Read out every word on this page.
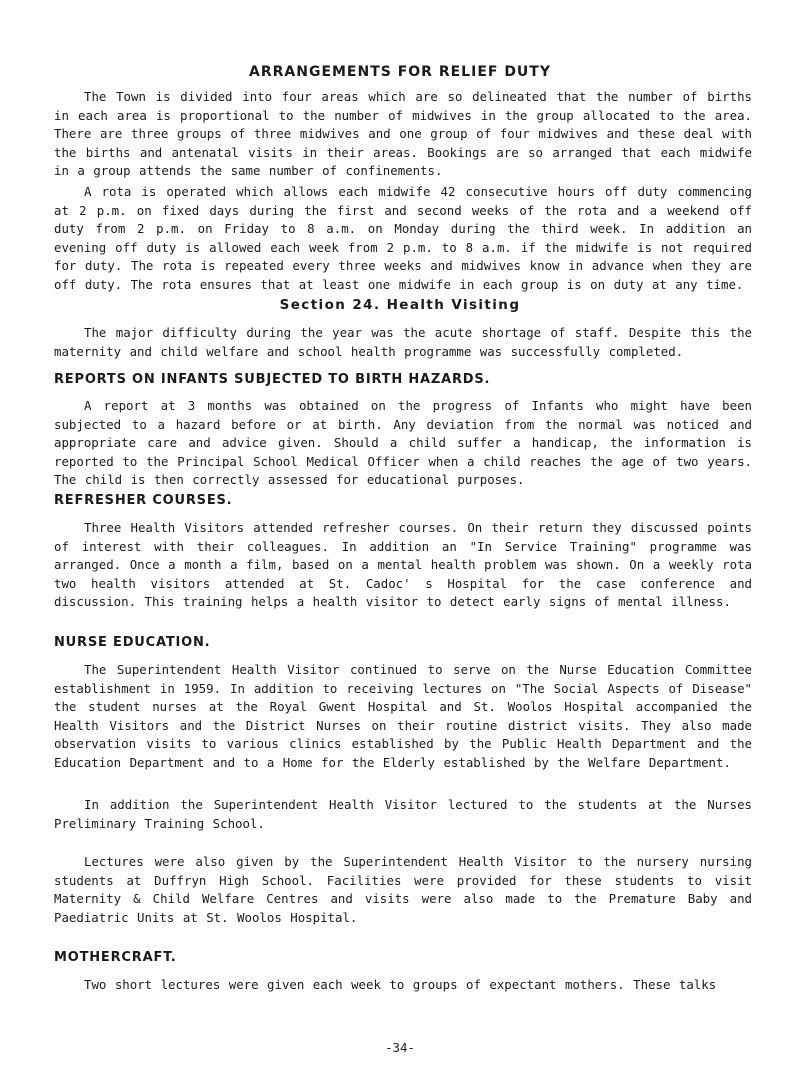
ARRANGEMENTS FOR RELIEF DUTY

The Town is divided into four areas which are so delineated that the number of births in each area is proportional to the number of midwives in the group allocated to the area. There are three groups of three midwives and one group of four midwives and these deal with the births and antenatal visits in their areas. Bookings are so arranged that each midwife in a group attends the same number of confinements.

A rota is operated which allows each midwife 42 consecutive hours off duty commencing at 2 p.m. on fixed days during the first and second weeks of the rota and a weekend off duty from 2 p.m. on Friday to 8 a.m. on Monday during the third week. In addition an evening off duty is allowed each week from 2 p.m. to 8 a.m. if the midwife is not required for duty. The rota is repeated every three weeks and midwives know in advance when they are off duty. The rota ensures that at least one midwife in each group is on duty at any time.

Section 24. Health Visiting

The major difficulty during the year was the acute shortage of staff. Despite this the maternity and child welfare and school health programme was successfully completed.

REPORTS ON INFANTS SUBJECTED TO BIRTH HAZARDS.

A report at 3 months was obtained on the progress of Infants who might have been subjected to a hazard before or at birth. Any deviation from the normal was noticed and appropriate care and advice given. Should a child suffer a handicap, the information is reported to the Principal School Medical Officer when a child reaches the age of two years. The child is then correctly assessed for educational purposes.

REFRESHER COURSES.

Three Health Visitors attended refresher courses. On their return they discussed points of interest with their colleagues. In addition an "In Service Training" programme was arranged. Once a month a film, based on a mental health problem was shown. On a weekly rota two health visitors attended at St. Cadoc' s Hospital for the case conference and discussion. This training helps a health visitor to detect early signs of mental illness.

NURSE EDUCATION.

The Superintendent Health Visitor continued to serve on the Nurse Education Committee establishment in 1959. In addition to receiving lectures on "The Social Aspects of Disease" the student nurses at the Royal Gwent Hospital and St. Woolos Hospital accompanied the Health Visitors and the District Nurses on their routine district visits. They also made observation visits to various clinics established by the Public Health Department and the Education Department and to a Home for the Elderly established by the Welfare Department.

In addition the Superintendent Health Visitor lectured to the students at the Nurses Preliminary Training School.

Lectures were also given by the Superintendent Health Visitor to the nursery nursing students at Duffryn High School. Facilities were provided for these students to visit Maternity & Child Welfare Centres and visits were also made to the Premature Baby and Paediatric Units at St. Woolos Hospital.

MOTHERCRAFT.

Two short lectures were given each week to groups of expectant mothers. These talks

-34-
